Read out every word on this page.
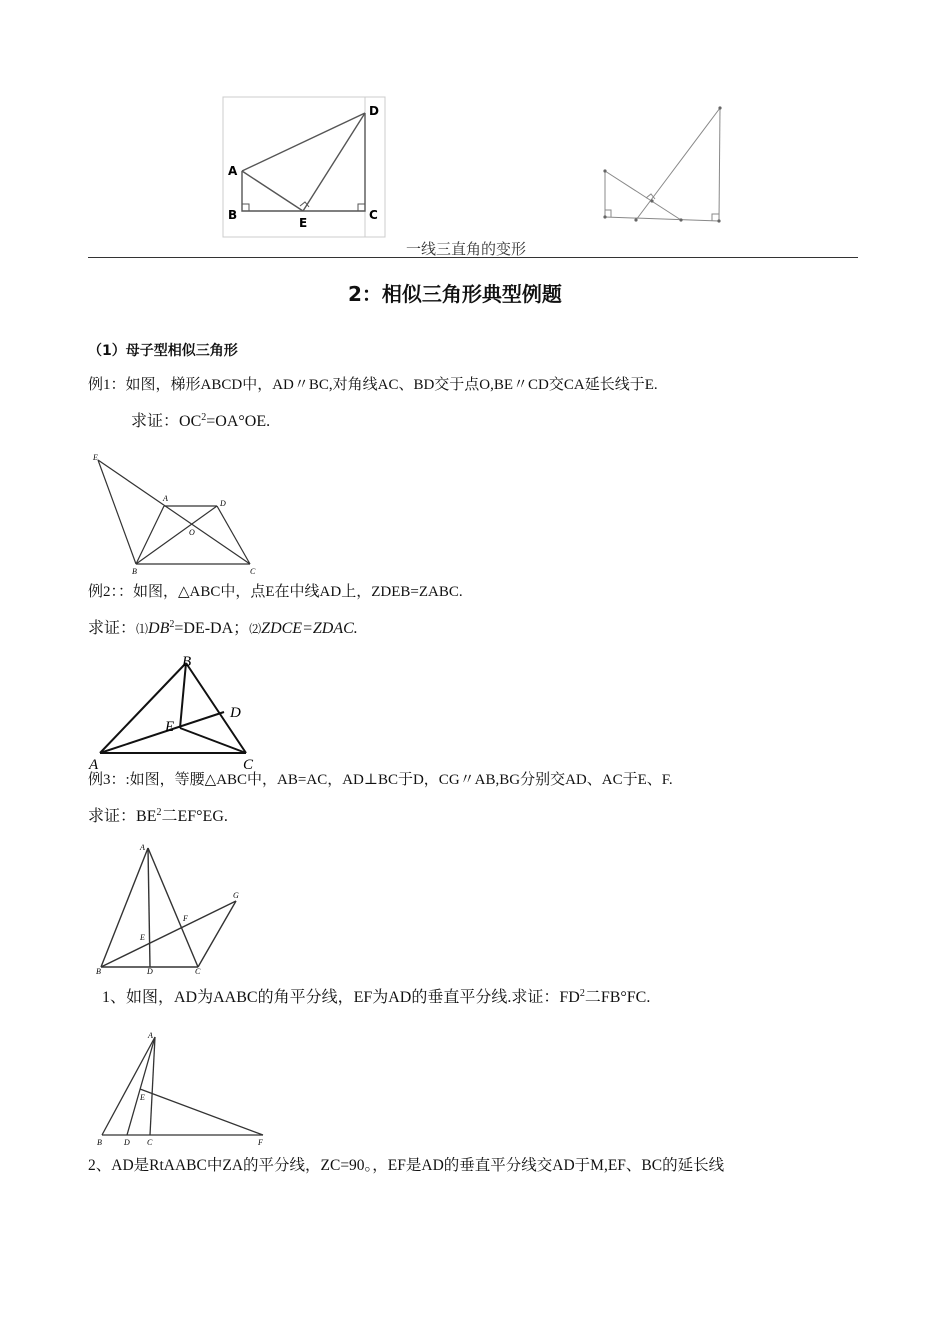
A
B
E
C
D
一线三直角的变形
2：相似三角形典型例题
（1）母子型相似三角形
例1：如图，梯形ABCD中，AD〃BC,对角线AC、BD交于点O,BE〃CD交CA延长线于E.
求证：$OC^2=OA^\circ OE$.
E
A
D
O
B	C
例2：：如图，△ABC中，点E在中线AD上，ZDEB=ZABC.
求证：$⑴DB^2=DE-DA$；⑵ZDCE=ZDAC.
B
D
E
A	C
例3：:如图，等腰△ABC中，AB=AC，AD⊥BC于D，CG〃AB,BG分别交AD、AC于E、F.
求证：$BE^2$二EF°EG.
A
G
F
E
B	D	C
1、如图，AD为AABC的角平分线，EF为AD的垂直平分线.求证：$FD^2$二FB°FC.
A
E
B	D C	F
2、AD是RtAABC中ZA的平分线，ZC=90。，EF是AD的垂直平分线交AD于M,EF、BC的延长线
